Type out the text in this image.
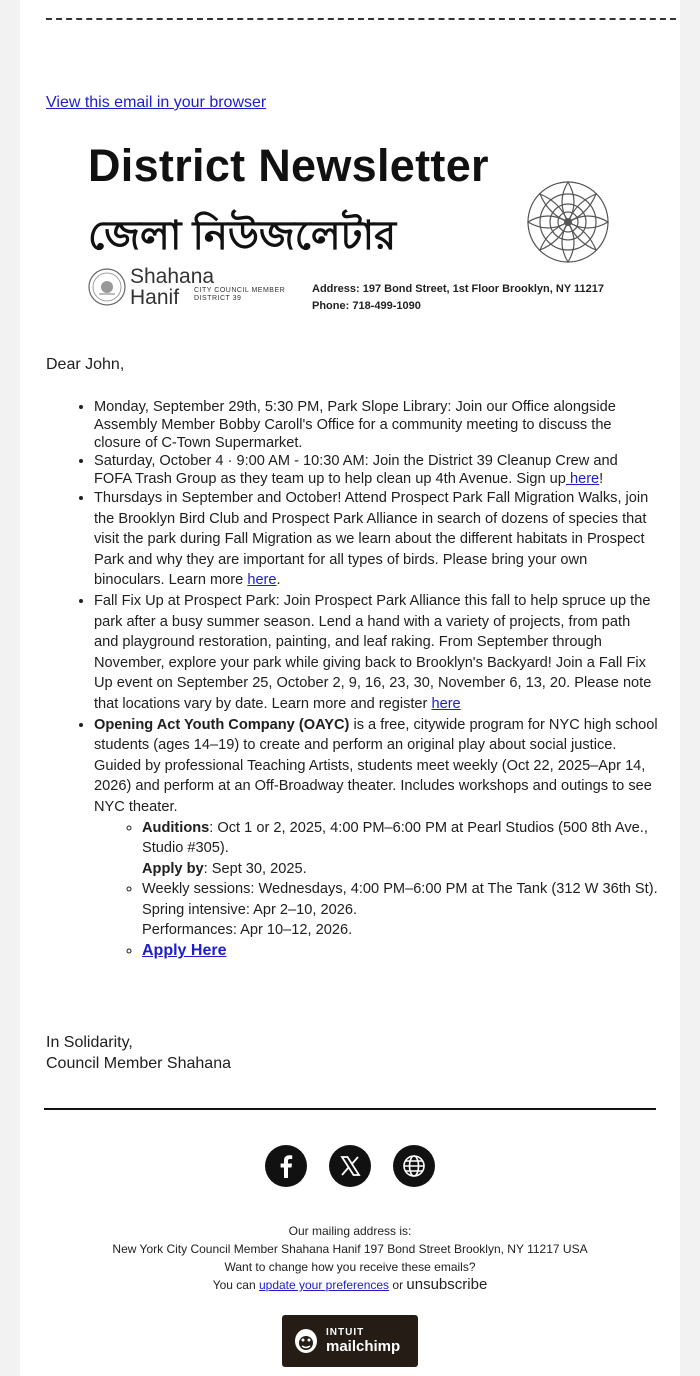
View this email in your browser
District Newsletter
জেলা নিউজলেটার
Shahana
Hanif	CITY COUNCIL MEMBER
DISTRICT 39
Address: 197 Bond Street, 1st Floor Brooklyn, NY 11217
Phone: 718-499-1090
Dear John,
• Monday, September 29th, 5:30 PM, Park Slope Library: Join our Office alongside Assembly Member Bobby Caroll's Office for a community meeting to discuss the closure of C-Town Supermarket.
• Saturday, October 4 · 9:00 AM - 10:30 AM: Join the District 39 Cleanup Crew and FOFA Trash Group as they team up to help clean up 4th Avenue. Sign up here!
• Thursdays in September and October! Attend Prospect Park Fall Migration Walks, join the Brooklyn Bird Club and Prospect Park Alliance in search of dozens of species that visit the park during Fall Migration as we learn about the different habitats in Prospect Park and why they are important for all types of birds. Please bring your own binoculars. Learn more here.
• Fall Fix Up at Prospect Park: Join Prospect Park Alliance this fall to help spruce up the park after a busy summer season. Lend a hand with a variety of projects, from path and playground restoration, painting, and leaf raking. From September through November, explore your park while giving back to Brooklyn's Backyard! Join a Fall Fix Up event on September 25, October 2, 9, 16, 23, 30, November 6, 13, 20. Please note that locations vary by date. Learn more and register here
• Opening Act Youth Company (OAYC) is a free, citywide program for NYC high school students (ages 14–19) to create and perform an original play about social justice. Guided by professional Teaching Artists, students meet weekly (Oct 22, 2025–Apr 14, 2026) and perform at an Off-Broadway theater. Includes workshops and outings to see NYC theater.
◦ Auditions: Oct 1 or 2, 2025, 4:00 PM–6:00 PM at Pearl Studios (500 8th Ave., Studio #305).
Apply by: Sept 30, 2025.
◦ Weekly sessions: Wednesdays, 4:00 PM–6:00 PM at The Tank (312 W 36th St).
Spring intensive: Apr 2–10, 2026.
Performances: Apr 10–12, 2026.
◦ Apply Here
In Solidarity,
Council Member Shahana
Our mailing address is:
New York City Council Member Shahana Hanif 197 Bond Street Brooklyn, NY 11217 USA
Want to change how you receive these emails?
You can update your preferences or unsubscribe
INTUIT
mailchimp
